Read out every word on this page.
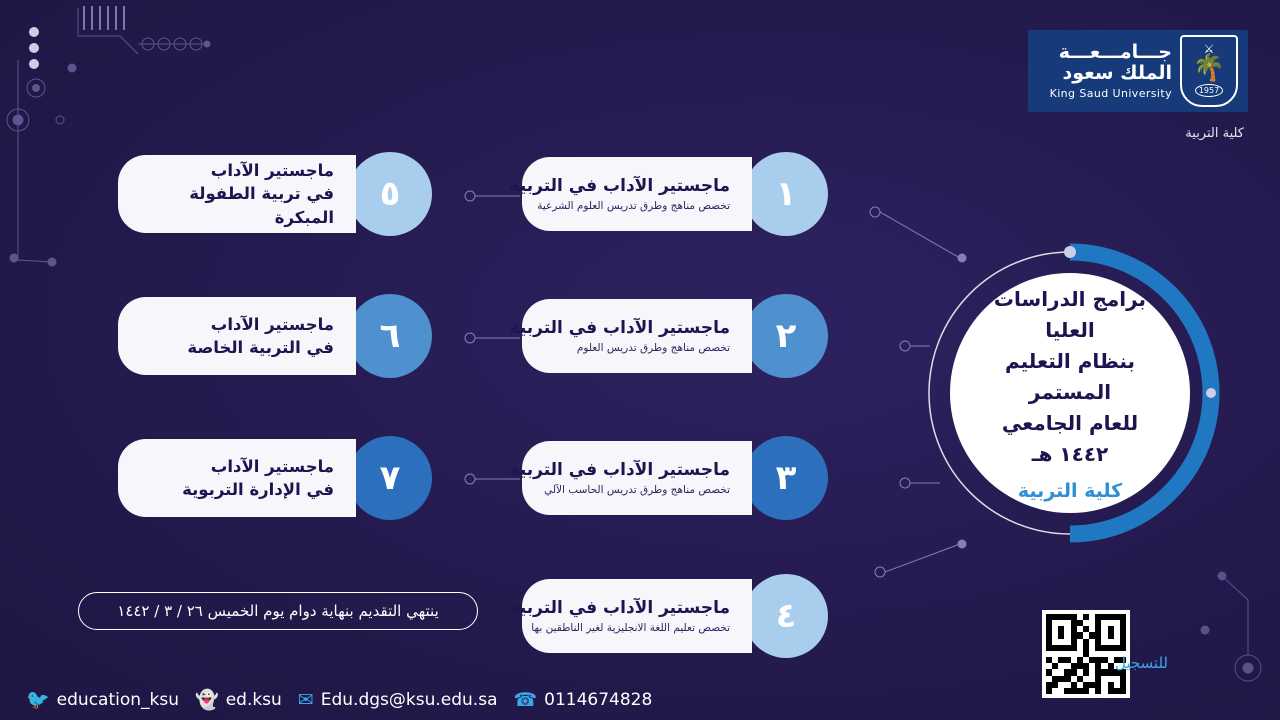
⚔
🌴
1957
جـــامـــعـــة
الملك سعود
King Saud University
كلية التربية
برامج الدراسات العليا
بنظام التعليم المستمر
للعام الجامعي ١٤٤٢ هـ
كلية التربية
١
ماجستير الآداب في التربية
تخصص مناهج وطرق تدريس العلوم الشرعية
٢
ماجستير الآداب في التربية
تخصص مناهج وطرق تدريس العلوم
٣
ماجستير الآداب في التربية
تخصص مناهج وطرق تدريس الحاسب الآلي
٤
ماجستير الآداب في التربية
تخصص تعليم اللغة الانجليزية لغير الناطقين بها
٥
ماجستير الآداب
في تربية الطفولة المبكرة
٦
ماجستير الآداب
في التربية الخاصة
٧
ماجستير الآداب
في الإدارة التربوية
ينتهي التقديم بنهاية دوام يوم الخميس ٢٦ / ٣ / ١٤٤٢
للتسجيل
🐦 education_ksu 👻 ed.ksu ✉ Edu.dgs@ksu.edu.sa ☎ 0114674828
